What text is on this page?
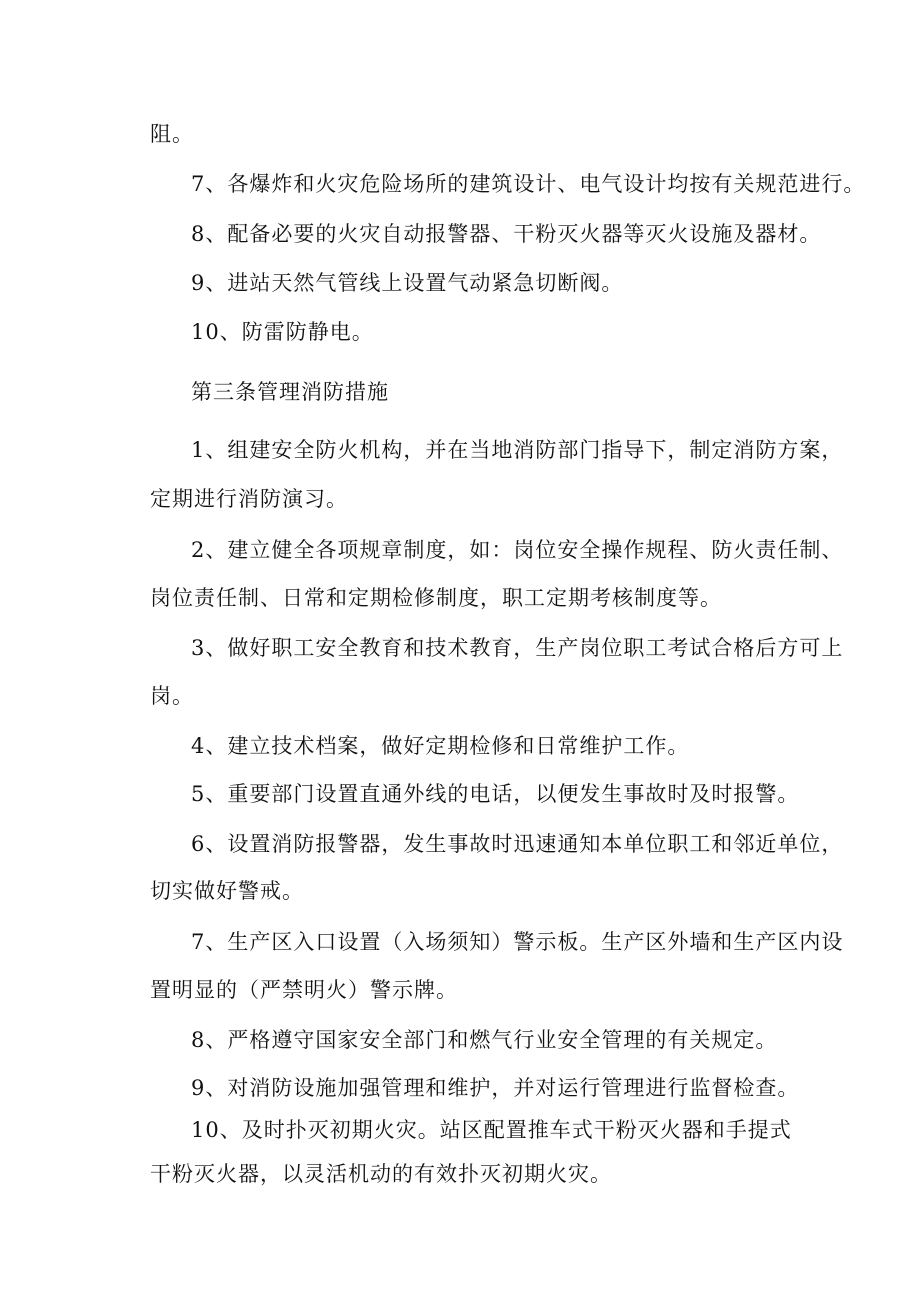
阻。
7、各爆炸和火灾危险场所的建筑设计、电气设计均按有关规范进行。
8、配备必要的火灾自动报警器、干粉灭火器等灭火设施及器材。
9、进站天然气管线上设置气动紧急切断阀。
10、防雷防静电。
第三条管理消防措施
1、组建安全防火机构，并在当地消防部门指导下，制定消防方案，
定期进行消防演习。
2、建立健全各项规章制度，如：岗位安全操作规程、防火责任制、
岗位责任制、日常和定期检修制度，职工定期考核制度等。
3、做好职工安全教育和技术教育，生产岗位职工考试合格后方可上
岗。
4、建立技术档案，做好定期检修和日常维护工作。
5、重要部门设置直通外线的电话，以便发生事故时及时报警。
6、设置消防报警器，发生事故时迅速通知本单位职工和邻近单位，
切实做好警戒。
7、生产区入口设置（入场须知）警示板。生产区外墙和生产区内设
置明显的（严禁明火）警示牌。
8、严格遵守国家安全部门和燃气行业安全管理的有关规定。
9、对消防设施加强管理和维护，并对运行管理进行监督检查。
10、及时扑灭初期火灾。站区配置推车式干粉灭火器和手提式
干粉灭火器，以灵活机动的有效扑灭初期火灾。
